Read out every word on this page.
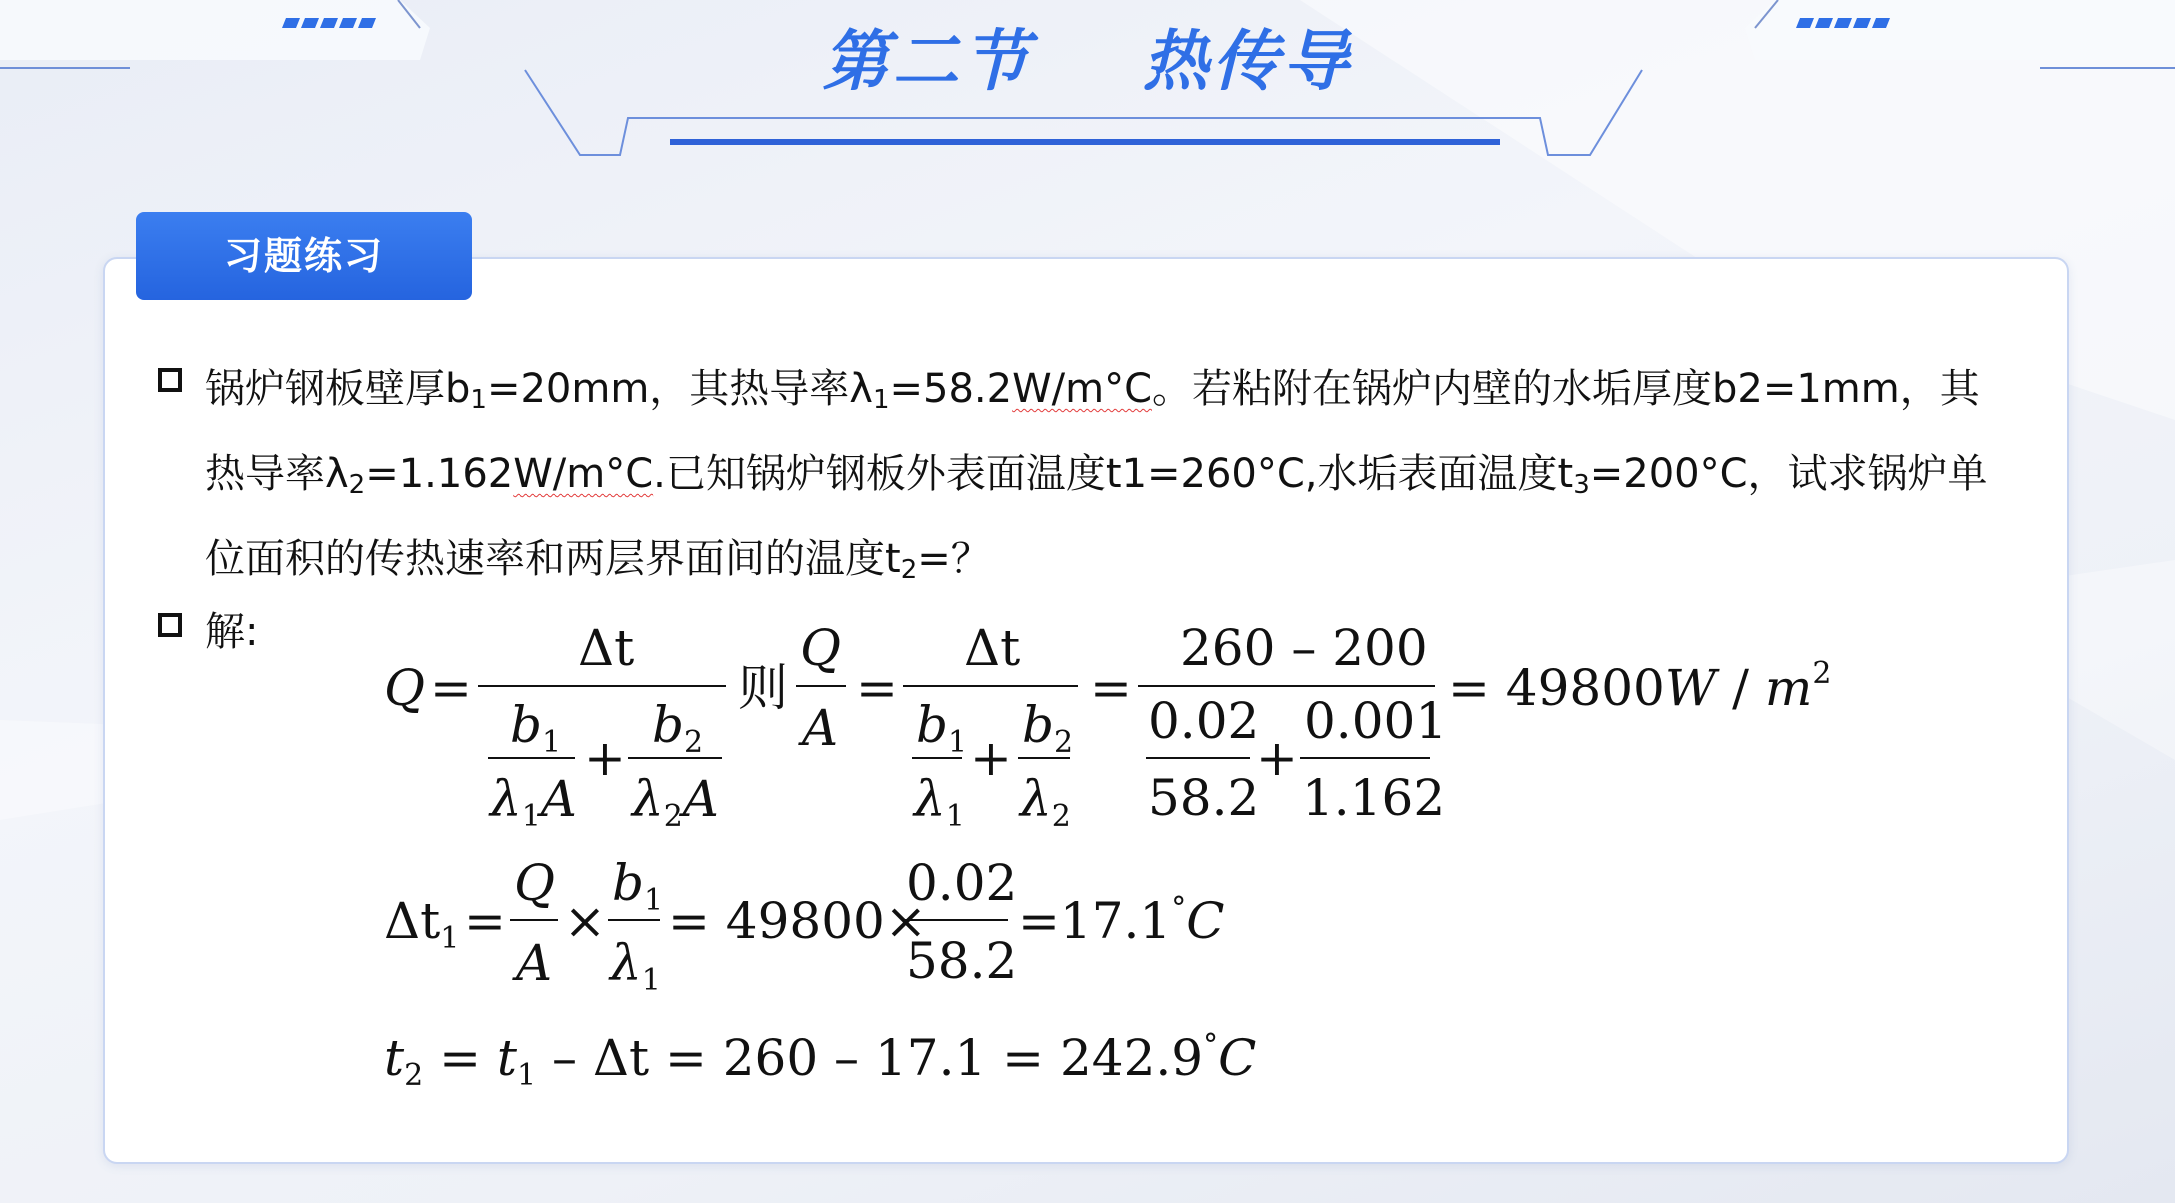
第二节 热传导
习题练习
锅炉钢板壁厚$b_1=20mm$，其热导率$\lambda_1=58.2W/m^\circ C$。若粘附在锅炉内壁的水垢厚度b2=1mm，其热导率$\lambda_2=1.162W/m^\circ C$.已知锅炉钢板外表面温度t1=260°C,水垢表面温度$t_3=200^\circ C$，试求锅炉单位面积的传热速率和两层界面间的温度$t_2=$？
解:
Q =
Δt
$b_1$
$\lambda_1A$
+
$b_2$
$\lambda_2A$
则
Q
A
=
Δt
$b_1$
$\lambda_1$
+
$b_2$
$\lambda_2$
=
260 – 200
0.02
58.2
+
0.001
1.162
= $49800W / m^2$
$\Delta t_1$ =
Q
A
×
$b_1$
$\lambda_1$
= 49800×
0.02
58.2
=17.1°C
$t_2 = t_1 - \Delta t = 260 - 17.1 = 242.9^\circ C$
